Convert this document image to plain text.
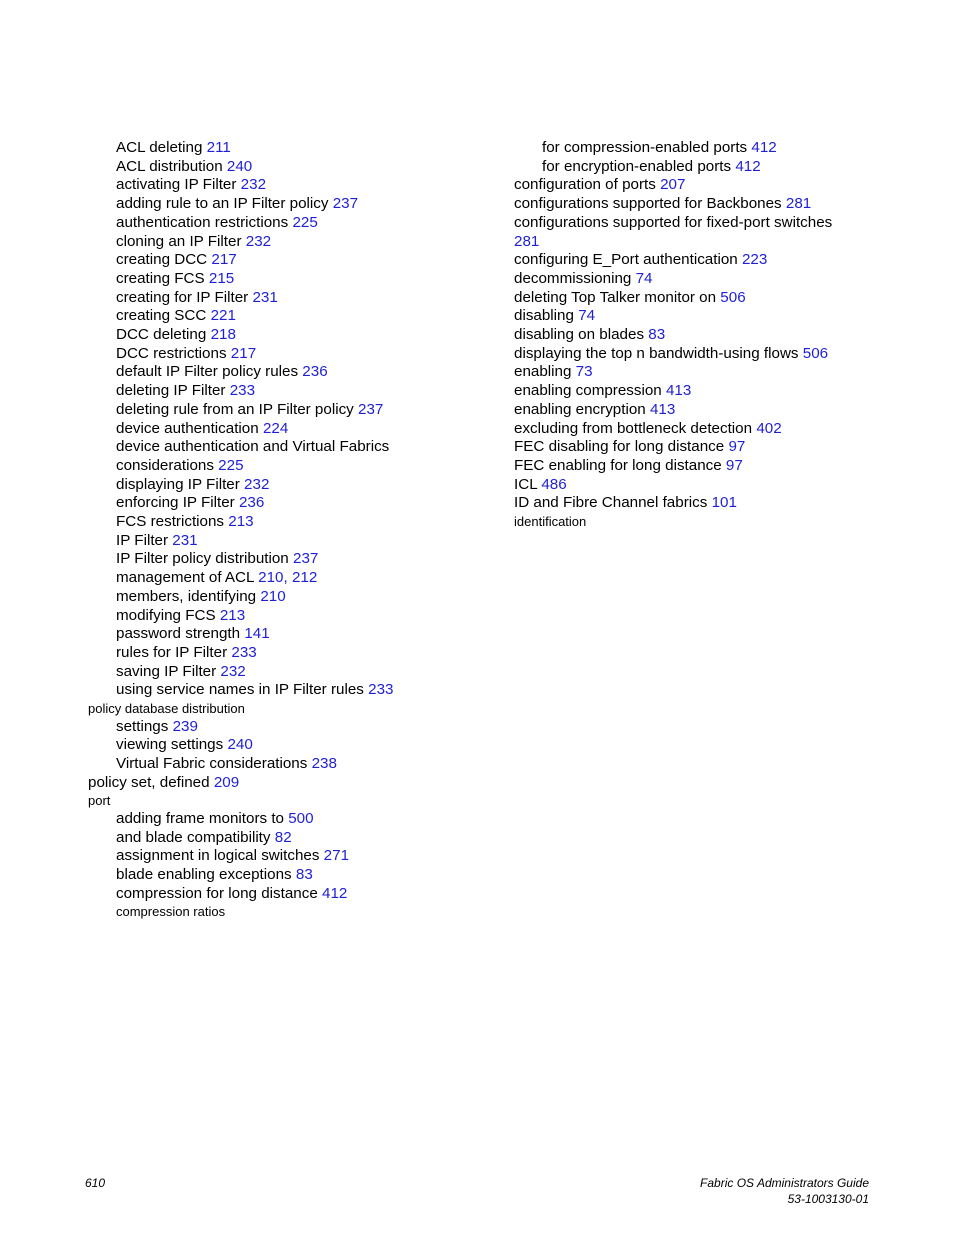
ACL deleting 211
ACL distribution 240
activating IP Filter 232
adding rule to an IP Filter policy 237
authentication restrictions 225
cloning an IP Filter 232
creating DCC 217
creating FCS 215
creating for IP Filter 231
creating SCC 221
DCC deleting 218
DCC restrictions 217
default IP Filter policy rules 236
deleting IP Filter 233
deleting rule from an IP Filter policy 237
device authentication 224
device authentication and Virtual Fabrics
considerations 225
displaying IP Filter 232
enforcing IP Filter 236
FCS restrictions 213
IP Filter 231
IP Filter policy distribution 237
management of ACL 210, 212
members, identifying 210
modifying FCS 213
password strength 141
rules for IP Filter 233
saving IP Filter 232
using service names in IP Filter rules 233
policy database distribution
settings 239
viewing settings 240
Virtual Fabric considerations 238
policy set, defined 209
port
adding frame monitors to 500
and blade compatibility 82
assignment in logical switches 271
blade enabling exceptions 83
compression for long distance 412
compression ratios
for compression-enabled ports 412
for encryption-enabled ports 412
configuration of ports 207
configurations supported for Backbones 281
configurations supported for fixed-port switches 281
configuring E_Port authentication 223
decommissioning 74
deleting Top Talker monitor on 506
disabling 74
disabling on blades 83
displaying the top n bandwidth-using flows 506
enabling 73
enabling compression 413
enabling encryption 413
excluding from bottleneck detection 402
FEC disabling for long distance 97
FEC enabling for long distance 97
ICL 486
ID and Fibre Channel fabrics 101
identification
610	Fabric OS Administrators Guide
53-1003130-01
